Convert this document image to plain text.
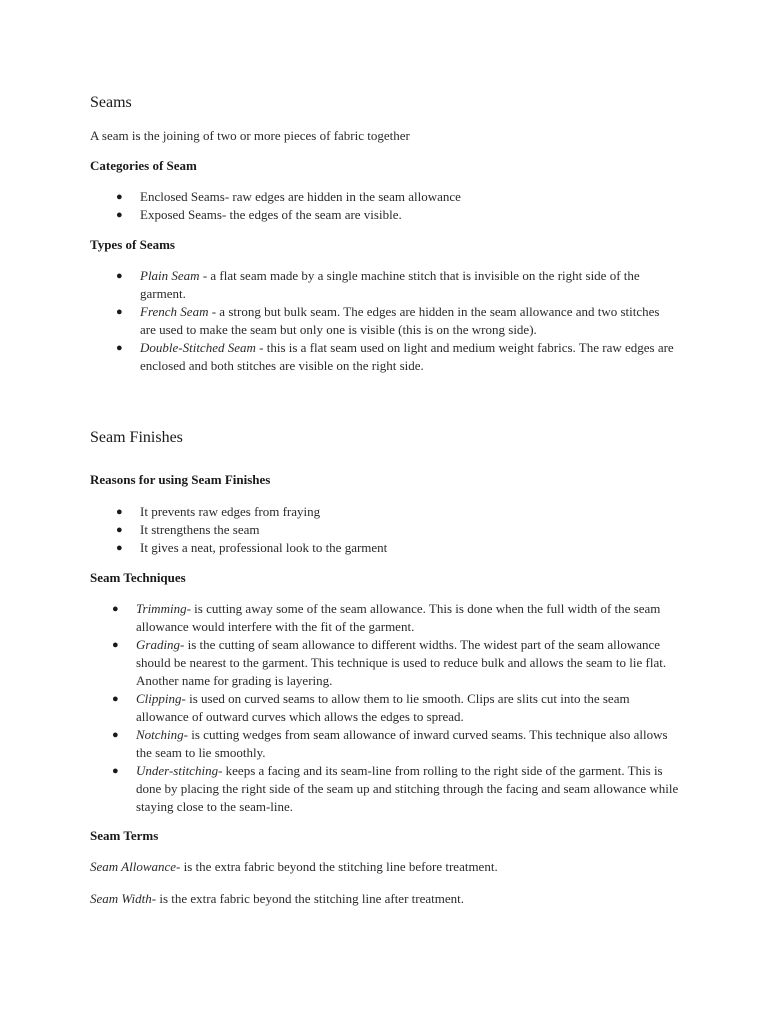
Seams

A seam is the joining of two or more pieces of fabric together

Categories of Seam
● Enclosed Seams- raw edges are hidden in the seam allowance
● Exposed Seams- the edges of the seam are visible.
Types of Seams
● Plain Seam - a flat seam made by a single machine stitch that is invisible on the right side of the garment.
● French Seam - a strong but bulk seam. The edges are hidden in the seam allowance and two stitches are used to make the seam but only one is visible (this is on the wrong side).
● Double-Stitched Seam - this is a flat seam used on light and medium weight fabrics. The raw edges are enclosed and both stitches are visible on the right side.
Seam Finishes
Reasons for using Seam Finishes
● It prevents raw edges from fraying
● It strengthens the seam
● It gives a neat, professional look to the garment
Seam Techniques
● Trimming- is cutting away some of the seam allowance. This is done when the full width of the seam allowance would interfere with the fit of the garment.
● Grading- is the cutting of seam allowance to different widths. The widest part of the seam allowance should be nearest to the garment. This technique is used to reduce bulk and allows the seam to lie flat. Another name for grading is layering.
● Clipping- is used on curved seams to allow them to lie smooth. Clips are slits cut into the seam allowance of outward curves which allows the edges to spread.
● Notching- is cutting wedges from seam allowance of inward curved seams. This technique also allows the seam to lie smoothly.
● Under-stitching- keeps a facing and its seam-line from rolling to the right side of the garment. This is done by placing the right side of the seam up and stitching through the facing and seam allowance while staying close to the seam-line.
Seam Terms

Seam Allowance- is the extra fabric beyond the stitching line before treatment.

Seam Width- is the extra fabric beyond the stitching line after treatment.
